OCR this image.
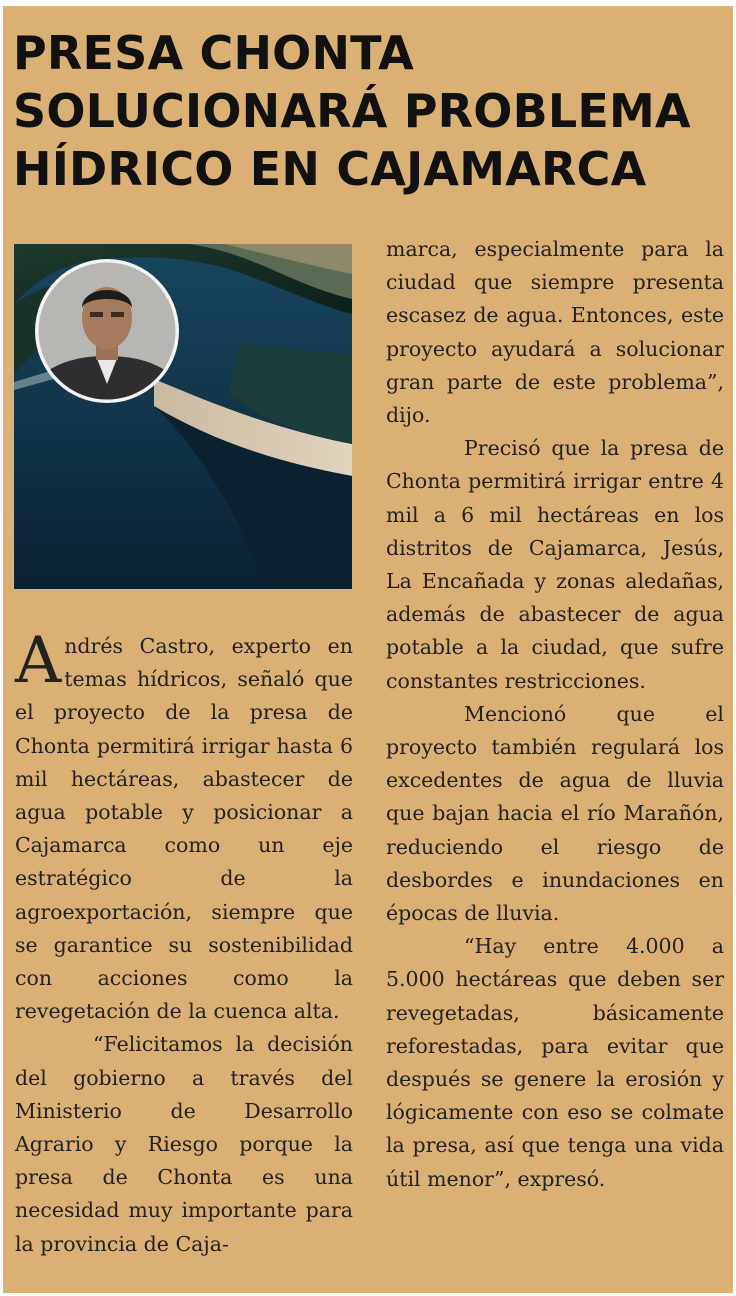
PRESA CHONTA SOLUCIONARÁ PROBLEMA HÍDRICO EN CAJAMARCA

Andrés Castro, experto en temas hídricos, señaló que el proyecto de la presa de Chonta permitirá irrigar hasta 6 mil hectáreas, abastecer de agua potable y posicionar a Cajamarca como un eje estratégico de la agroexportación, siempre que se garantice su sostenibilidad con acciones como la revegetación de la cuenca alta.

“Felicitamos la decisión del gobierno a través del Ministerio de Desarrollo Agrario y Riesgo porque la presa de Chonta es una necesidad muy importante para la provincia de Caja-

marca, especialmente para la ciudad que siempre presenta escasez de agua. Entonces, este proyecto ayudará a solucionar gran parte de este problema”, dijo.

Precisó que la presa de Chonta permitirá irrigar entre 4 mil a 6 mil hectáreas en los distritos de Cajamarca, Jesús, La Encañada y zonas aledañas, además de abastecer de agua potable a la ciudad, que sufre constantes restricciones.

Mencionó que el proyecto también regulará los excedentes de agua de lluvia que bajan hacia el río Marañón, reduciendo el riesgo de desbordes e inundaciones en épocas de lluvia.

“Hay entre 4.000 a 5.000 hectáreas que deben ser revegetadas, básicamente reforestadas, para evitar que después se genere la erosión y lógicamente con eso se colmate la presa, así que tenga una vida útil menor”, expresó.
